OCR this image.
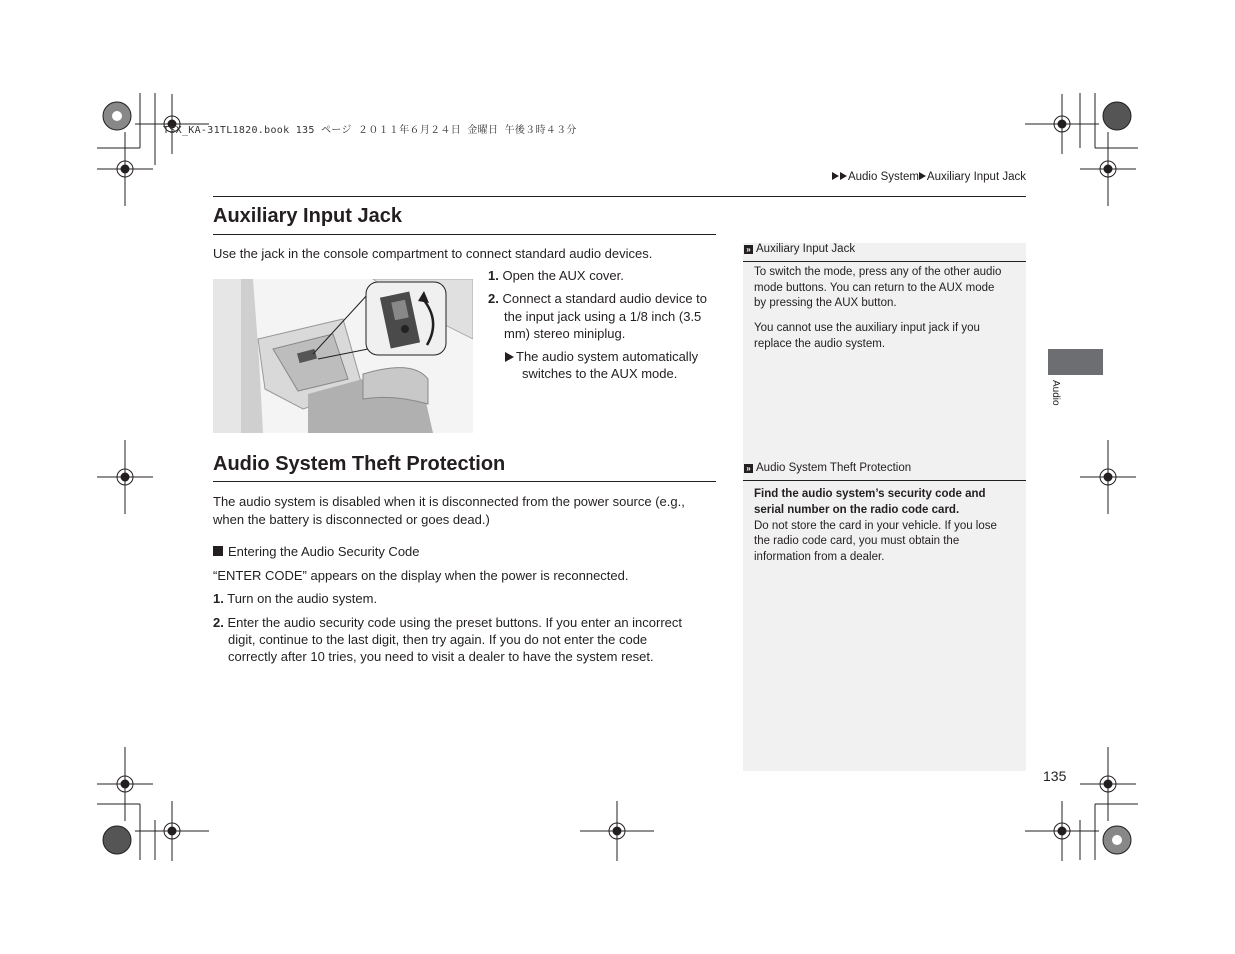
TSX_KA-31TL1820.book 135 ページ ２０１１年６月２４日 金曜日 午後３時４３分
Audio System Auxiliary Input Jack
Auxiliary Input Jack
Use the jack in the console compartment to connect standard audio devices.
1. Open the AUX cover.
2. Connect a standard audio device to
the input jack using a 1/8 inch (3.5
mm) stereo miniplug.
The audio system automatically
switches to the AUX mode.
Audio System Theft Protection
The audio system is disabled when it is disconnected from the power source (e.g.,
when the battery is disconnected or goes dead.)
Entering the Audio Security Code
“ENTER CODE” appears on the display when the power is reconnected.
1. Turn on the audio system.
2. Enter the audio security code using the preset buttons. If you enter an incorrect
digit, continue to the last digit, then try again. If you do not enter the code
correctly after 10 tries, you need to visit a dealer to have the system reset.
» Auxiliary Input Jack
To switch the mode, press any of the other audio
mode buttons. You can return to the AUX mode
by pressing the AUX button.
You cannot use the auxiliary input jack if you
replace the audio system.
» Audio System Theft Protection
Find the audio system’s security code and
serial number on the radio code card.
Do not store the card in your vehicle. If you lose
the radio code card, you must obtain the
information from a dealer.
Audio
135
